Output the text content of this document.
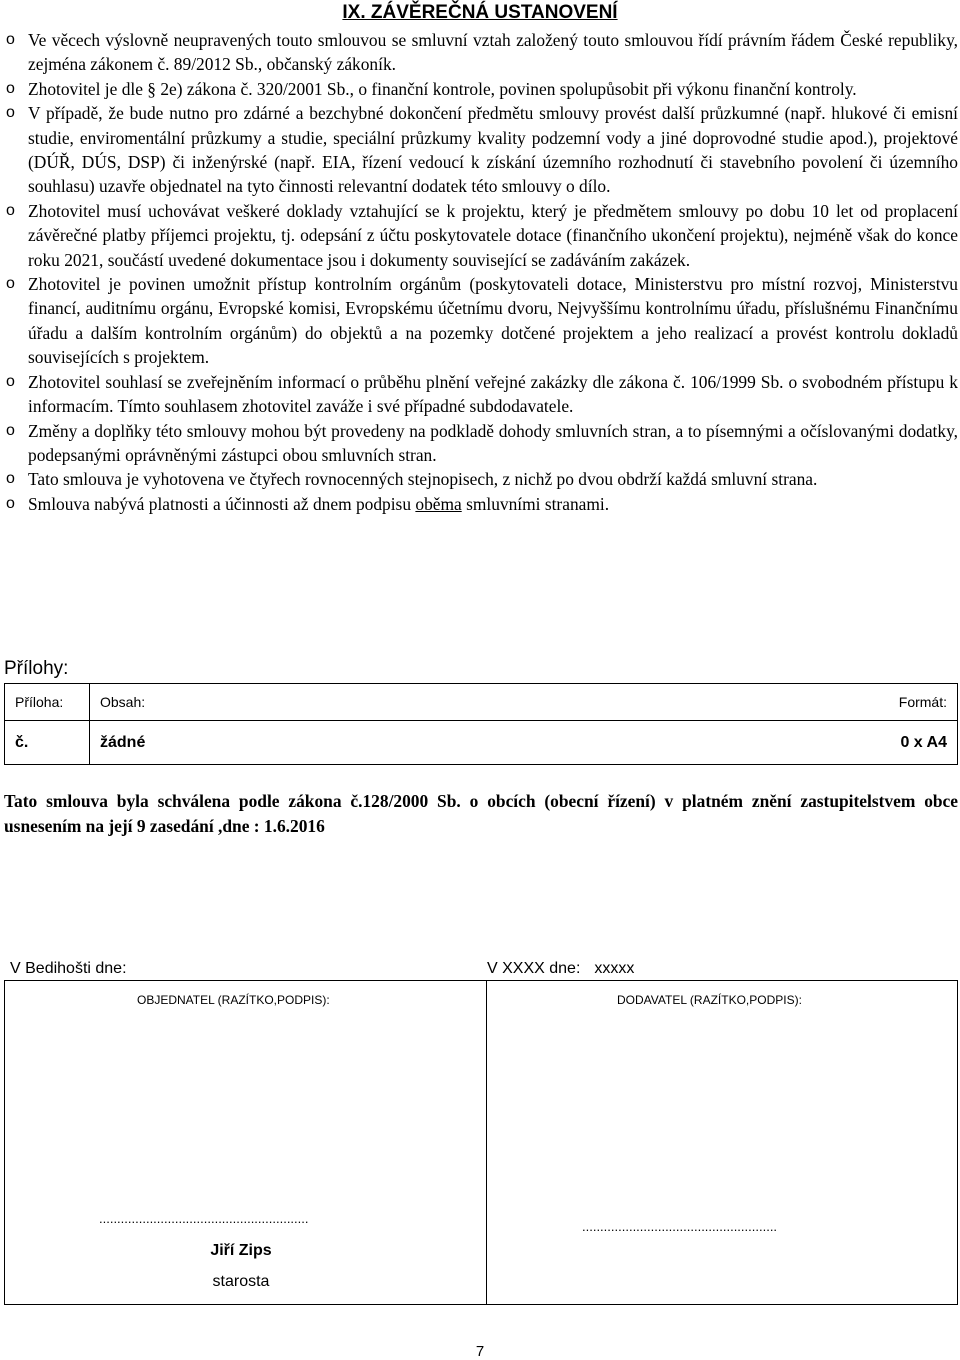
IX. ZÁVĚREČNÁ USTANOVENÍ
o Ve věcech výslovně neupravených touto smlouvou se smluvní vztah založený touto smlouvou řídí právním řádem České republiky, zejména zákonem č. 89/2012 Sb., občanský zákoník.
o Zhotovitel je dle § 2e) zákona č. 320/2001 Sb., o finanční kontrole, povinen spolupůsobit při výkonu finanční kontroly.
o V případě, že bude nutno pro zdárné a bezchybné dokončení předmětu smlouvy provést další průzkumné (např. hlukové či emisní studie, enviromentální průzkumy a studie, speciální průzkumy kvality podzemní vody a jiné doprovodné studie apod.), projektové (DÚŘ, DÚS, DSP) či inženýrské (např. EIA, řízení vedoucí k získání územního rozhodnutí či stavebního povolení či územního souhlasu) uzavře objednatel na tyto činnosti relevantní dodatek této smlouvy o dílo.
o Zhotovitel musí uchovávat veškeré doklady vztahující se k projektu, který je předmětem smlouvy po dobu 10 let od proplacení závěrečné platby příjemci projektu, tj. odepsání z účtu poskytovatele dotace (finančního ukončení projektu), nejméně však do konce roku 2021, součástí uvedené dokumentace jsou i dokumenty související se zadáváním zakázek.
o Zhotovitel je povinen umožnit přístup kontrolním orgánům (poskytovateli dotace, Ministerstvu pro místní rozvoj, Ministerstvu financí, auditnímu orgánu, Evropské komisi, Evropskému účetnímu dvoru, Nejvyššímu kontrolnímu úřadu, příslušnému Finančnímu úřadu a dalším kontrolním orgánům) do objektů a na pozemky dotčené projektem a jeho realizací a provést kontrolu dokladů souvisejících s projektem.
o Zhotovitel souhlasí se zveřejněním informací o průběhu plnění veřejné zakázky dle zákona č. 106/1999 Sb. o svobodném přístupu k informacím. Tímto souhlasem zhotovitel zaváže i své případné subdodavatele.
o Změny a doplňky této smlouvy mohou být provedeny na podkladě dohody smluvních stran, a to písemnými a očíslovanými dodatky, podepsanými oprávněnými zástupci obou smluvních stran.
o Tato smlouva je vyhotovena ve čtyřech rovnocenných stejnopisech, z nichž po dvou obdrží každá smluvní strana.
o Smlouva nabývá platnosti a účinnosti až dnem podpisu oběma smluvními stranami.
Přílohy:
Příloha:	Obsah:	Formát:
č.	žádné	0 x A4
Tato smlouva byla schválena podle zákona č.128/2000 Sb. o obcích (obecní řízení) v platném znění zastupitelstvem obce usnesením na její 9 zasedání ,dne : 1.6.2016
V Bedihošti dne:	V XXXX dne: xxxxx
OBJEDNATEL (RAZÍTKO,PODPIS):	DODAVATEL (RAZÍTKO,PODPIS):
..........................................................
......................................................
Jiří Zips
starosta
7
